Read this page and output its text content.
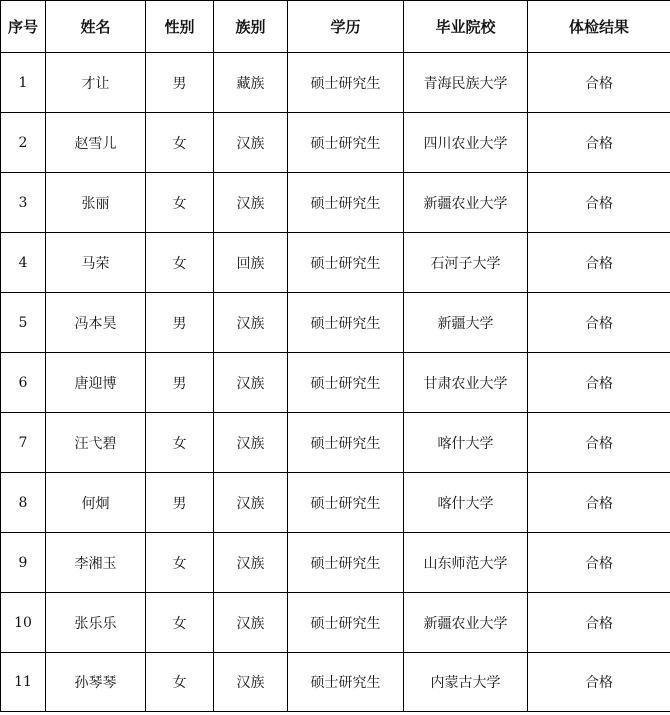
序号	姓名	性别	族别	学历	毕业院校	体检结果
1	才让	男	藏族	硕士研究生	青海民族大学	合格
2	赵雪儿	女	汉族	硕士研究生	四川农业大学	合格
3	张丽	女	汉族	硕士研究生	新疆农业大学	合格
4	马荣	女	回族	硕士研究生	石河子大学	合格
5	冯本昊	男	汉族	硕士研究生	新疆大学	合格
6	唐迎博	男	汉族	硕士研究生	甘肃农业大学	合格
7	汪弋碧	女	汉族	硕士研究生	喀什大学	合格
8	何炯	男	汉族	硕士研究生	喀什大学	合格
9	李湘玉	女	汉族	硕士研究生	山东师范大学	合格
10	张乐乐	女	汉族	硕士研究生	新疆农业大学	合格
11	孙琴琴	女	汉族	硕士研究生	内蒙古大学	合格
